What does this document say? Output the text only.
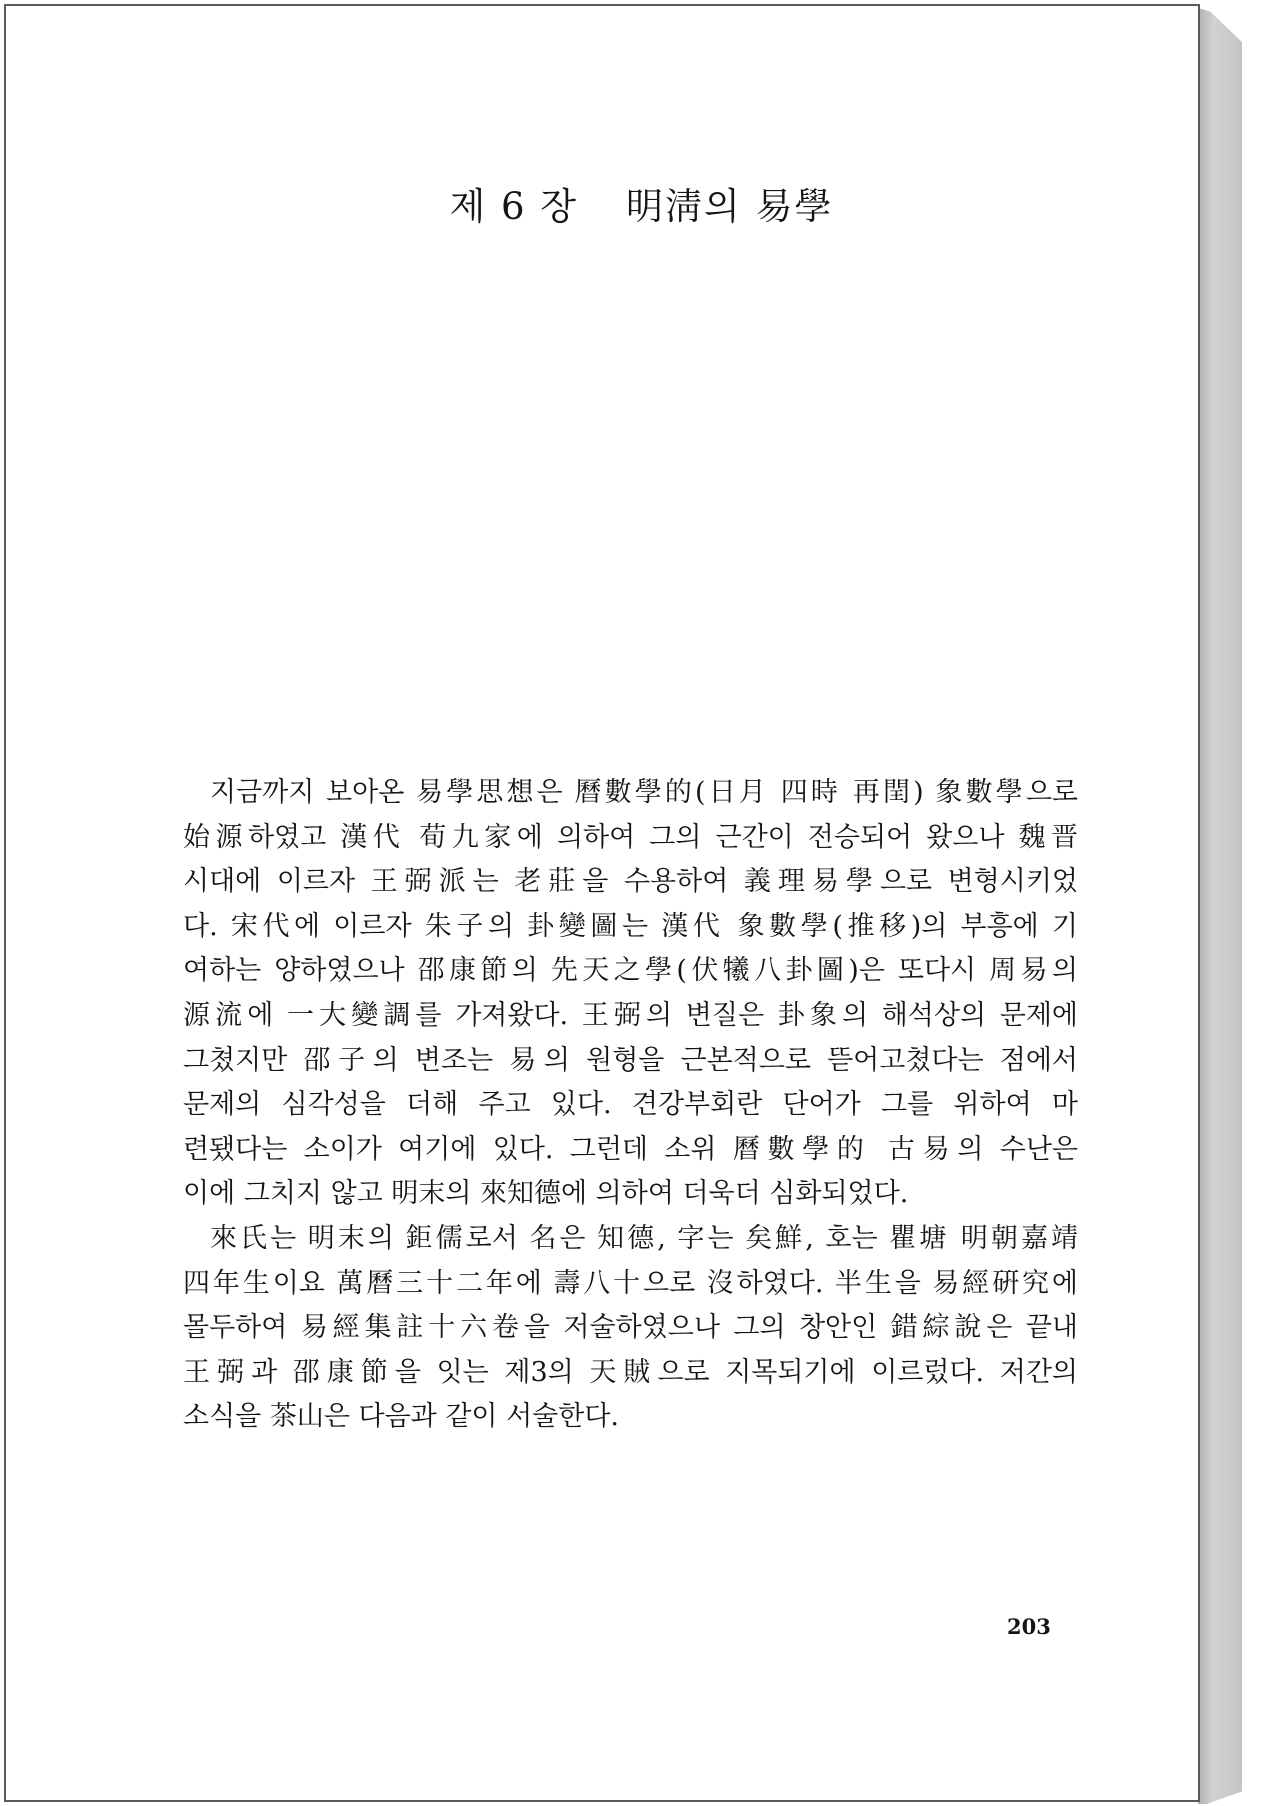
제 6 장 明淸의 易學
지금까지 보아온 易學思想은 曆數學的(日月 四時 再閏) 象數學으로
始源하였고 漢代 荀九家에 의하여 그의 근간이 전승되어 왔으나 魏晋
시대에 이르자 王弼派는 老莊을 수용하여 義理易學으로 변형시키었
다. 宋代에 이르자 朱子의 卦變圖는 漢代 象數學(推移)의 부흥에 기
여하는 양하였으나 邵康節의 先天之學(伏犧八卦圖)은 또다시 周易의
源流에 一大變調를 가져왔다. 王弼의 변질은 卦象의 해석상의 문제에
그쳤지만 邵子의 변조는 易의 원형을 근본적으로 뜯어고쳤다는 점에서
문제의 심각성을 더해 주고 있다. 견강부회란 단어가 그를 위하여 마
련됐다는 소이가 여기에 있다. 그런데 소위 曆數學的 古易의 수난은
이에 그치지 않고 明末의 來知德에 의하여 더욱더 심화되었다.
來氏는 明末의 鉅儒로서 名은 知德, 字는 矣鮮, 호는 瞿塘 明朝嘉靖
四年生이요 萬曆三十二年에 壽八十으로 沒하였다. 半生을 易經硏究에
몰두하여 易經集註十六卷을 저술하였으나 그의 창안인 錯綜說은 끝내
王弼과 邵康節을 잇는 제3의 天賊으로 지목되기에 이르렀다. 저간의
소식을 茶山은 다음과 같이 서술한다.
203
